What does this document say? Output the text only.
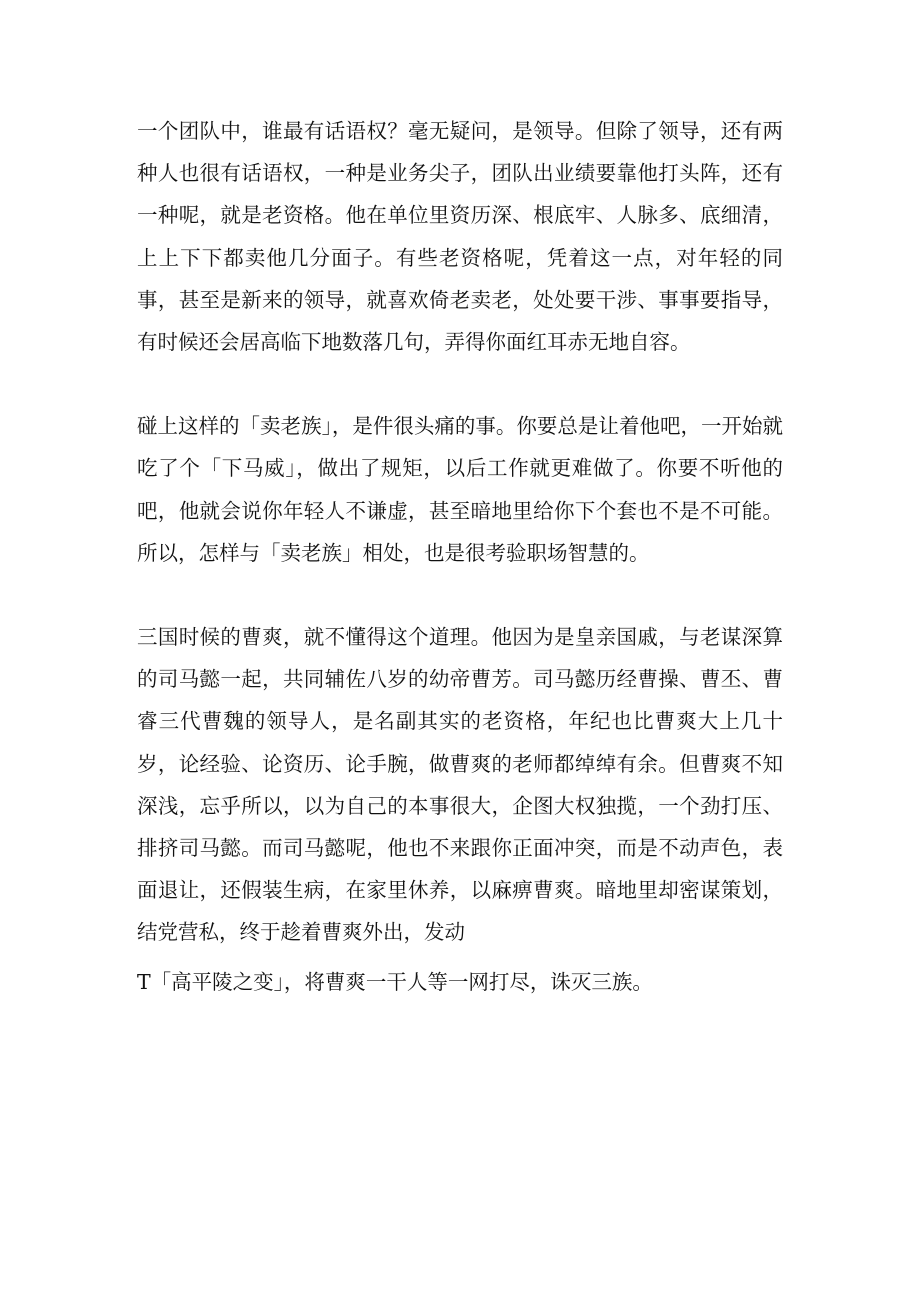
一个团队中，谁最有话语权？毫无疑问，是领导。但除了领导，还有两种人也很有话语权，一种是业务尖子，团队出业绩要靠他打头阵，还有一种呢，就是老资格。他在单位里资历深、根底牢、人脉多、底细清，上上下下都卖他几分面子。有些老资格呢，凭着这一点，对年轻的同事，甚至是新来的领导，就喜欢倚老卖老，处处要干涉、事事要指导，有时候还会居高临下地数落几句，弄得你面红耳赤无地自容。

碰上这样的「卖老族」，是件很头痛的事。你要总是让着他吧，一开始就吃了个「下马威」，做出了规矩，以后工作就更难做了。你要不听他的吧，他就会说你年轻人不谦虚，甚至暗地里给你下个套也不是不可能。所以，怎样与「卖老族」相处，也是很考验职场智慧的。

三国时候的曹爽，就不懂得这个道理。他因为是皇亲国戚，与老谋深算的司马懿一起，共同辅佐八岁的幼帝曹芳。司马懿历经曹操、曹丕、曹睿三代曹魏的领导人，是名副其实的老资格，年纪也比曹爽大上几十岁，论经验、论资历、论手腕，做曹爽的老师都绰绰有余。但曹爽不知深浅，忘乎所以，以为自己的本事很大，企图大权独揽，一个劲打压、排挤司马懿。而司马懿呢，他也不来跟你正面冲突，而是不动声色，表面退让，还假装生病，在家里休养，以麻痹曹爽。暗地里却密谋策划，结党营私，终于趁着曹爽外出，发动

T「高平陵之变」，将曹爽一干人等一网打尽，诛灭三族。
